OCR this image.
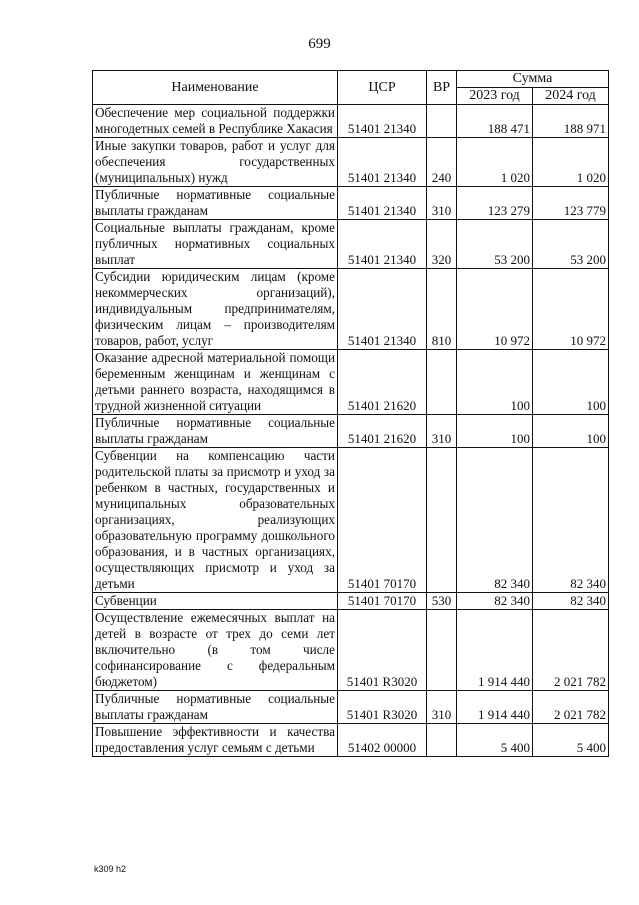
699
Наименование	ЦСР	ВР	Сумма	
			2023 год	2024 год
Обеспечение мер социальной поддержки многодетных семей в Республике Хакасия	51401 21340		188 471	188 971
Иные закупки товаров, работ и услуг для обеспечения государственных (муниципальных) нужд	51401 21340	240	1 020	1 020
Публичные нормативные социальные выплаты гражданам	51401 21340	310	123 279	123 779
Социальные выплаты гражданам, кроме публичных нормативных социальных выплат	51401 21340	320	53 200	53 200
Субсидии юридическим лицам (кроме некоммерческих организаций), индивидуальным предпринимателям, физическим лицам – производителям товаров, работ, услуг	51401 21340	810	10 972	10 972
Оказание адресной материальной помощи беременным женщинам и женщинам с детьми раннего возраста, находящимся в трудной жизненной ситуации	51401 21620		100	100
Публичные нормативные социальные выплаты гражданам	51401 21620	310	100	100
Субвенции на компенсацию части родительской платы за присмотр и уход за ребенком в частных, государственных и муниципальных образовательных организациях, реализующих образовательную программу дошкольного образования, и в частных организациях, осуществляющих присмотр и уход за детьми	51401 70170		82 340	82 340
Субвенции	51401 70170	530	82 340	82 340
Осуществление ежемесячных выплат на детей в возрасте от трех до семи лет включительно (в том числе софинансирование с федеральным бюджетом)	51401 R3020		1 914 440	2 021 782
Публичные нормативные социальные выплаты гражданам	51401 R3020	310	1 914 440	2 021 782
Повышение эффективности и качества предоставления услуг семьям с детьми	51402 00000		5 400	5 400
k309 h2
